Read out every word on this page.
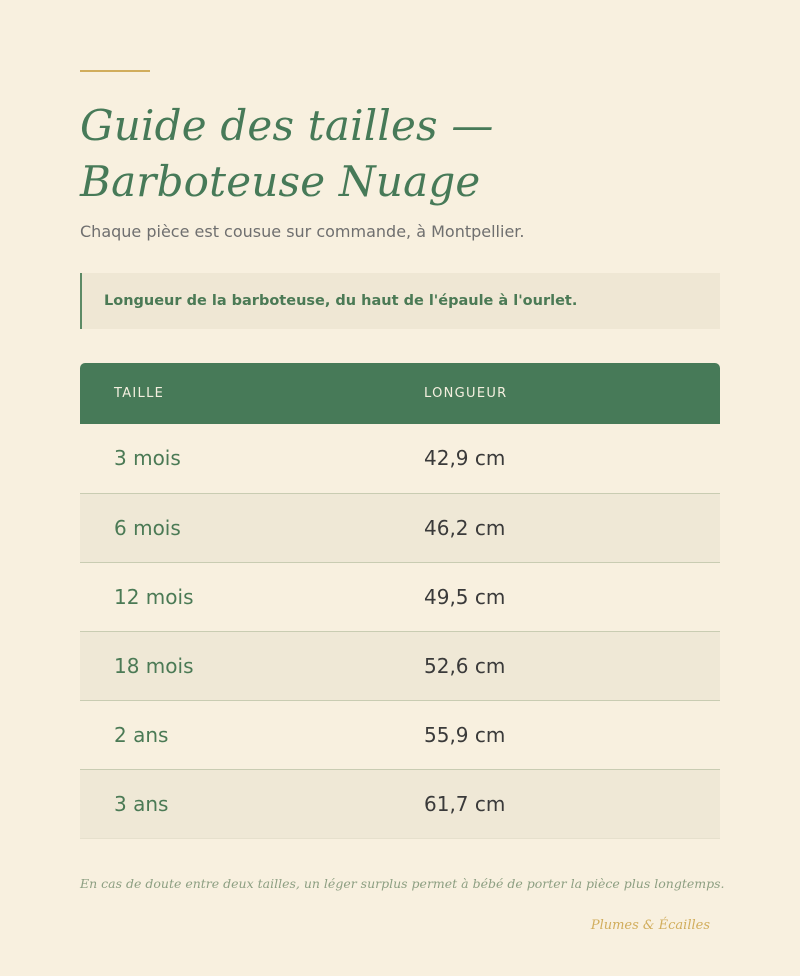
Guide des tailles — Barboteuse Nuage

Chaque pièce est cousue sur commande, à Montpellier.

Longueur de la barboteuse, du haut de l'épaule à l'ourlet.
TAILLE	LONGUEUR
3 mois	42,9 cm
6 mois	46,2 cm
12 mois	49,5 cm
18 mois	52,6 cm
2 ans	55,9 cm
3 ans	61,7 cm

En cas de doute entre deux tailles, un léger surplus permet à bébé de porter la pièce plus longtemps.

Plumes & Écailles
